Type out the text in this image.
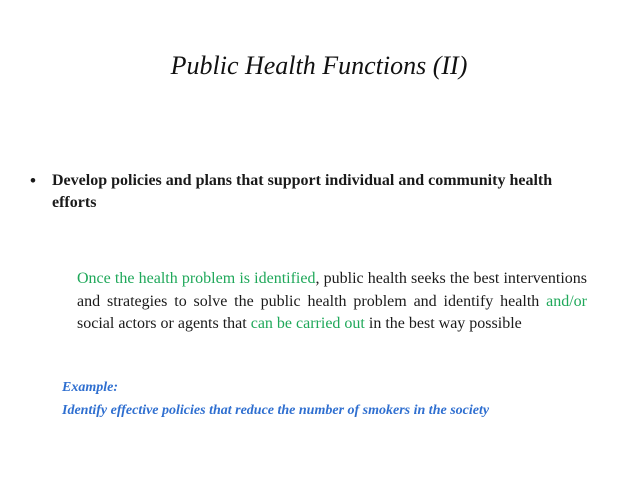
Public Health Functions (II)
•	Develop policies and plans that support individual and community health efforts
Once the health problem is identified, public health seeks the best interventions and strategies to solve the public health problem and identify health and/or social actors or agents that can be carried out in the best way possible
Example:
Identify effective policies that reduce the number of smokers in the society
